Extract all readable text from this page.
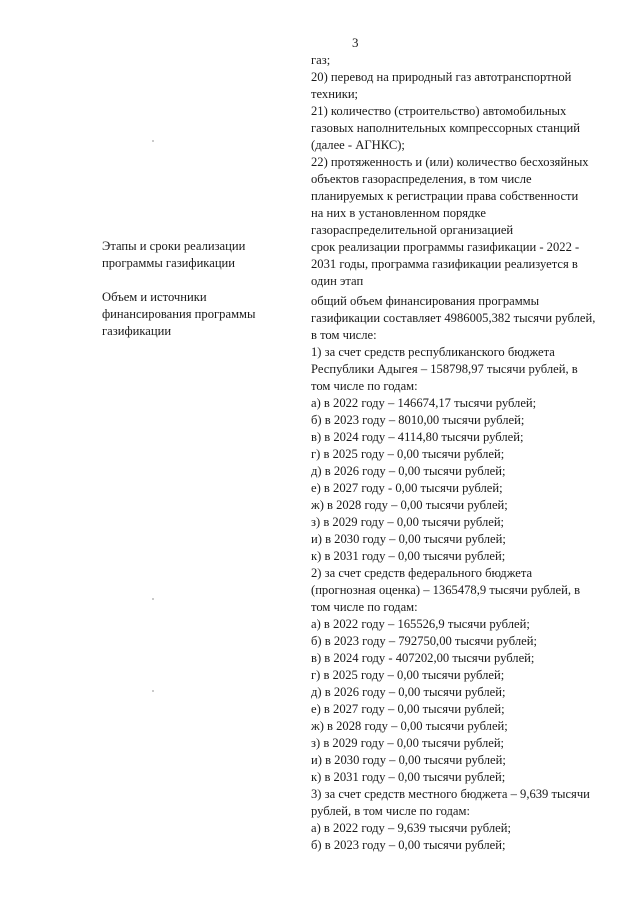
3
Этапы и сроки реализации
программы газификации
Объем и источники
финансирования программы
газификации
газ;
20) перевод на природный газ автотранспортной
техники;
21) количество (строительство) автомобильных
газовых наполнительных компрессорных станций
(далее - АГНКС);
22) протяженность и (или) количество бесхозяйных
объектов газораспределения, в том числе
планируемых к регистрации права собственности
на них в установленном порядке
газораспределительной организацией
срок реализации программы газификации - 2022 -
2031 годы, программа газификации реализуется в
один этап
общий объем финансирования программы
газификации составляет 4986005,382 тысячи рублей,
в том числе:
1) за счет средств республиканского бюджета
Республики Адыгея – 158798,97 тысячи рублей, в
том числе по годам:
а) в 2022 году – 146674,17 тысячи рублей;
б) в 2023 году – 8010,00 тысячи рублей;
в) в 2024 году – 4114,80 тысячи рублей;
г) в 2025 году – 0,00 тысячи рублей;
д) в 2026 году – 0,00 тысячи рублей;
е) в 2027 году - 0,00 тысячи рублей;
ж) в 2028 году – 0,00 тысячи рублей;
з) в 2029 году – 0,00 тысячи рублей;
и) в 2030 году – 0,00 тысячи рублей;
к) в 2031 году – 0,00 тысячи рублей;
2) за счет средств федерального бюджета
(прогнозная оценка) – 1365478,9 тысячи рублей, в
том числе по годам:
а) в 2022 году – 165526,9 тысячи рублей;
б) в 2023 году – 792750,00 тысячи рублей;
в) в 2024 году - 407202,00 тысячи рублей;
г) в 2025 году – 0,00 тысячи рублей;
д) в 2026 году – 0,00 тысячи рублей;
е) в 2027 году – 0,00 тысячи рублей;
ж) в 2028 году – 0,00 тысячи рублей;
з) в 2029 году – 0,00 тысячи рублей;
и) в 2030 году – 0,00 тысячи рублей;
к) в 2031 году – 0,00 тысячи рублей;
3) за счет средств местного бюджета – 9,639 тысячи
рублей, в том числе по годам:
а) в 2022 году – 9,639 тысячи рублей;
б) в 2023 году – 0,00 тысячи рублей;
